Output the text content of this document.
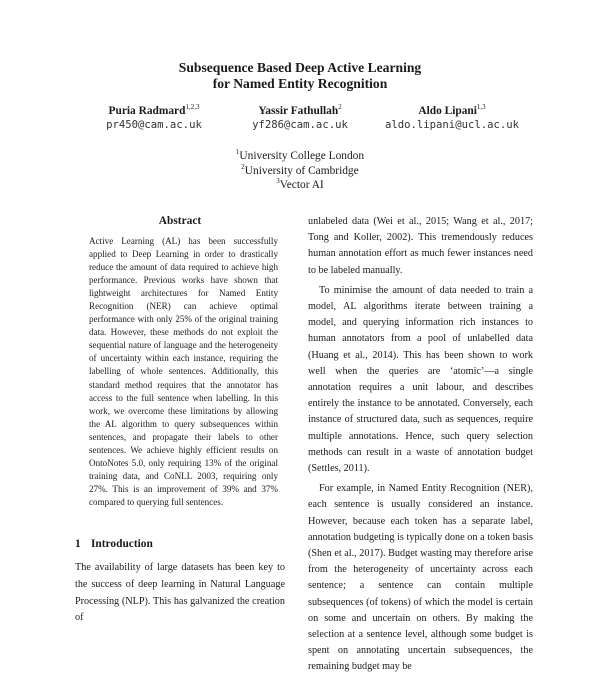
Subsequence Based Deep Active Learning
for Named Entity Recognition
Puria Radmard$^{1,2,3}$
pr450@cam.ac.uk
Yassir Fathullah$^2$
yf286@cam.ac.uk
Aldo Lipani$^{1,3}$
aldo.lipani@ucl.ac.uk
$^1$University College London
$^2$University of Cambridge
$^3$Vector AI
Abstract
Active Learning (AL) has been successfully applied to Deep Learning in order to drastically reduce the amount of data required to achieve high performance. Previous works have shown that lightweight architectures for Named Entity Recognition (NER) can achieve optimal performance with only 25% of the original training data. However, these methods do not exploit the sequential nature of language and the heterogeneity of uncertainty within each instance, requiring the labelling of whole sentences. Additionally, this standard method requires that the annotator has access to the full sentence when labelling. In this work, we overcome these limitations by allowing the AL algorithm to query subsequences within sentences, and propagate their labels to other sentences. We achieve highly efficient results on OntoNotes 5.0, only requiring 13% of the original training data, and CoNLL 2003, requiring only 27%. This is an improvement of 39% and 37% compared to querying full sentences.
1 Introduction
The availability of large datasets has been key to the success of deep learning in Natural Language Processing (NLP). This has galvanized the creation of

unlabeled data (Wei et al., 2015; Wang et al., 2017; Tong and Koller, 2002). This tremendously reduces human annotation effort as much fewer instances need to be labeled manually.

To minimise the amount of data needed to train a model, AL algorithms iterate between training a model, and querying information rich instances to human annotators from a pool of unlabelled data (Huang et al., 2014). This has been shown to work well when the queries are ‘atomic’—a single annotation requires a unit labour, and describes entirely the instance to be annotated. Conversely, each instance of structured data, such as sequences, require multiple annotations. Hence, such query selection methods can result in a waste of annotation budget (Settles, 2011).

For example, in Named Entity Recognition (NER), each sentence is usually considered an instance. However, because each token has a separate label, annotation budgeting is typically done on a token basis (Shen et al., 2017). Budget wasting may therefore arise from the heterogeneity of uncertainty across each sentence; a sentence can contain multiple subsequences (of tokens) of which the model is certain on some and uncertain on others. By making the selection at a sentence level, although some budget is spent on annotating uncertain subsequences, the remaining budget may be
